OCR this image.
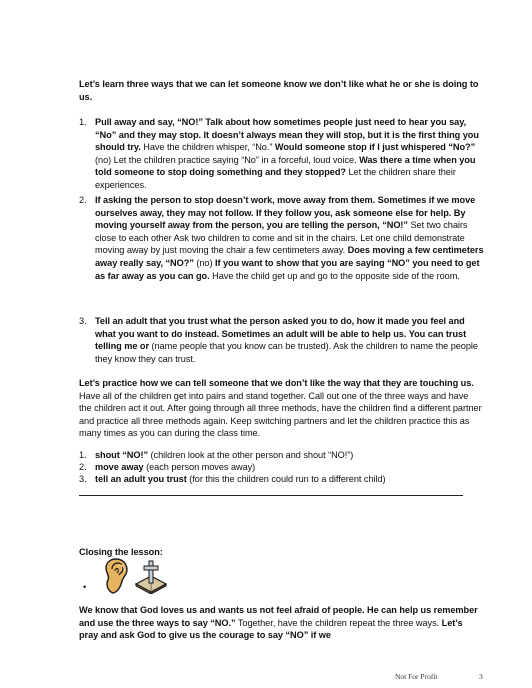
Let’s learn three ways that we can let someone know we don’t like what he or she is doing to us.
1. Pull away and say, “NO!” Talk about how sometimes people just need to hear you say, “No” and they may stop. It doesn’t always mean they will stop, but it is the first thing you should try. Have the children whisper, “No.” Would someone stop if I just whispered “No?” (no) Let the children practice saying “No” in a forceful, loud voice. Was there a time when you told someone to stop doing something and they stopped? Let the children share their experiences.
2. If asking the person to stop doesn’t work, move away from them. Sometimes if we move ourselves away, they may not follow. If they follow you, ask someone else for help. By moving yourself away from the person, you are telling the person, “NO!” Set two chairs close to each other Ask two children to come and sit in the chairs. Let one child demonstrate moving away by just moving the chair a few centimeters away. Does moving a few centimeters away really say, “NO?” (no) If you want to show that you are saying “NO” you need to get as far away as you can go. Have the child get up and go to the opposite side of the room.
3. Tell an adult that you trust what the person asked you to do, how it made you feel and what you want to do instead. Sometimes an adult will be able to help us. You can trust telling me or (name people that you know can be trusted). Ask the children to name the people they know they can trust.
Let’s practice how we can tell someone that we don’t like the way that they are touching us. Have all of the children get into pairs and stand together. Call out one of the three ways and have the children act it out. After going through all three methods, have the children find a different partner and practice all three methods again. Keep switching partners and let the children practice this as many times as you can during the class time.
1. shout “NO!” (children look at the other person and shout “NO!”)
2. move away (each person moves away)
3. tell an adult you trust (for this the children could run to a different child)
Closing the lesson:
•
We know that God loves us and wants us not feel afraid of people. He can help us remember and use the three ways to say “NO.” Together, have the children repeat the three ways. Let’s pray and ask God to give us the courage to say “NO” if we
Not For Profit	3
